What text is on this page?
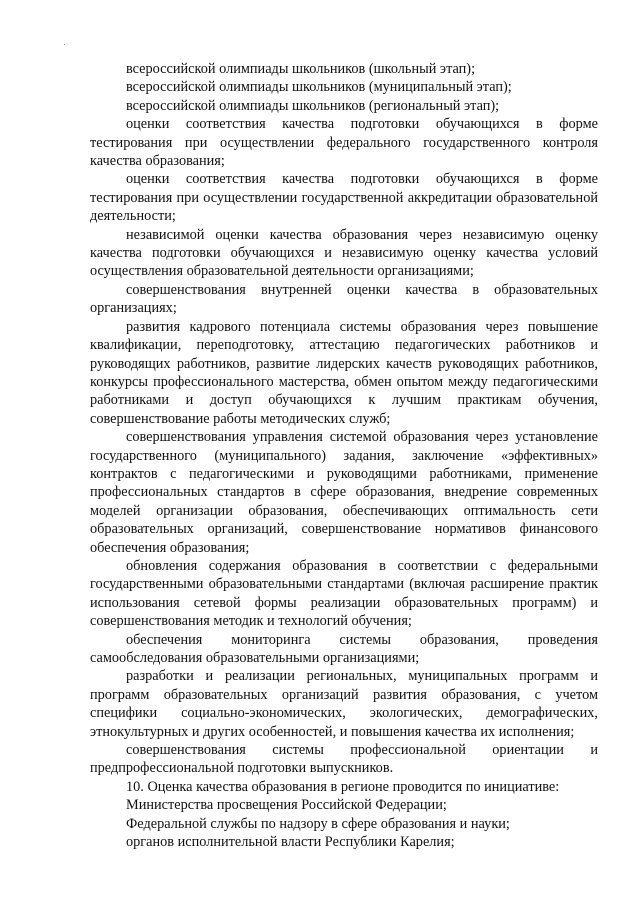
всероссийской олимпиады школьников (школьный этап);

всероссийской олимпиады школьников (муниципальный этап);

всероссийской олимпиады школьников (региональный этап);

оценки соответствия качества подготовки обучающихся в форме тестирования при осуществлении федерального государственного контроля качества образования;

оценки соответствия качества подготовки обучающихся в форме тестирования при осуществлении государственной аккредитации образовательной деятельности;

независимой оценки качества образования через независимую оценку качества подготовки обучающихся и независимую оценку качества условий осуществления образовательной деятельности организациями;

совершенствования внутренней оценки качества в образовательных организациях;

развития кадрового потенциала системы образования через повышение квалификации, переподготовку, аттестацию педагогических работников и руководящих работников, развитие лидерских качеств руководящих работников, конкурсы профессионального мастерства, обмен опытом между педагогическими работниками и доступ обучающихся к лучшим практикам обучения, совершенствование работы методических служб;

совершенствования управления системой образования через установление государственного (муниципального) задания, заключение «эффективных» контрактов с педагогическими и руководящими работниками, применение профессиональных стандартов в сфере образования, внедрение современных моделей организации образования, обеспечивающих оптимальность сети образовательных организаций, совершенствование нормативов финансового обеспечения образования;

обновления содержания образования в соответствии с федеральными государственными образовательными стандартами (включая расширение практик использования сетевой формы реализации образовательных программ) и совершенствования методик и технологий обучения;

обеспечения мониторинга системы образования, проведения самообследования образовательными организациями;

разработки и реализации региональных, муниципальных программ и программ образовательных организаций развития образования, с учетом специфики социально-экономических, экологических, демографических, этнокультурных и других особенностей, и повышения качества их исполнения;

совершенствования системы профессиональной ориентации и предпрофессиональной подготовки выпускников.

10. Оценка качества образования в регионе проводится по инициативе:

Министерства просвещения Российской Федерации;

Федеральной службы по надзору в сфере образования и науки;

органов исполнительной власти Республики Карелия;
